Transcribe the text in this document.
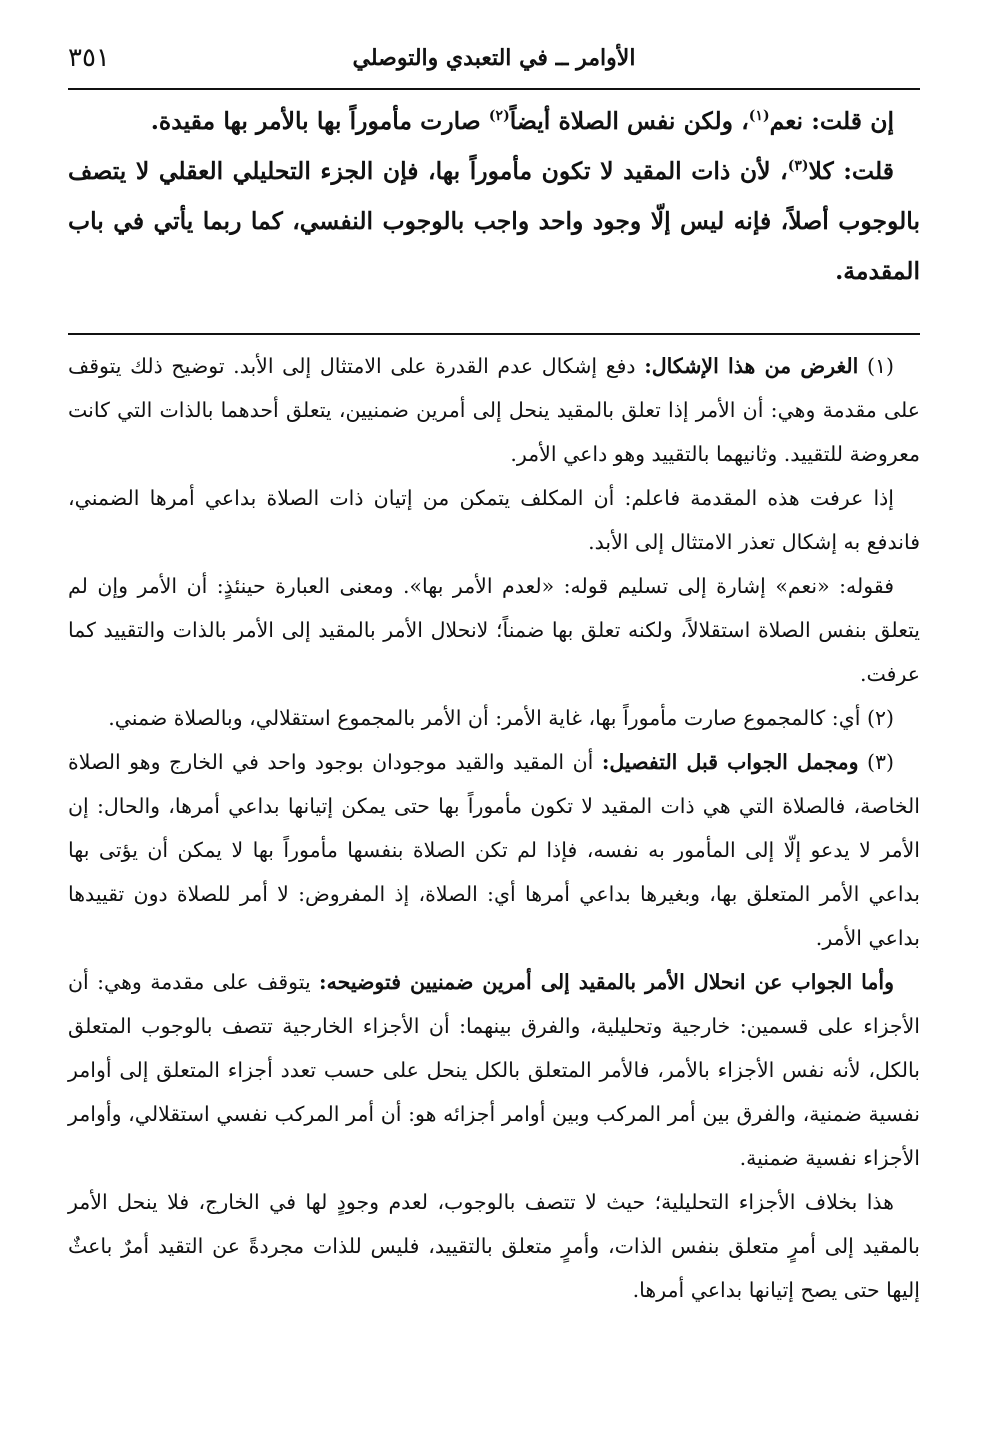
الأوامر ــ في التعبدي والتوصلي
٣٥١

إن قلت: نعم$^{(١)}$، ولكن نفس الصلاة أيضاً$^{(٢)}$ صارت مأموراً بها بالأمر بها مقيدة.

قلت: كلا$^{(٣)}$، لأن ذات المقيد لا تكون مأموراً بها، فإن الجزء التحليلي العقلي لا يتصف بالوجوب أصلاً، فإنه ليس إلّا وجود واحد واجب بالوجوب النفسي، كما ربما يأتي في باب المقدمة.

(١) الغرض من هذا الإشكال: دفع إشكال عدم القدرة على الامتثال إلى الأبد. توضيح ذلك يتوقف على مقدمة وهي: أن الأمر إذا تعلق بالمقيد ينحل إلى أمرين ضمنيين، يتعلق أحدهما بالذات التي كانت معروضة للتقييد. وثانيهما بالتقييد وهو داعي الأمر.

إذا عرفت هذه المقدمة فاعلم: أن المكلف يتمكن من إتيان ذات الصلاة بداعي أمرها الضمني، فاندفع به إشكال تعذر الامتثال إلى الأبد.

فقوله: «نعم» إشارة إلى تسليم قوله: «لعدم الأمر بها». ومعنى العبارة حينئذٍ: أن الأمر وإن لم يتعلق بنفس الصلاة استقلالاً، ولكنه تعلق بها ضمناً؛ لانحلال الأمر بالمقيد إلى الأمر بالذات والتقييد كما عرفت.

(٢) أي: كالمجموع صارت مأموراً بها، غاية الأمر: أن الأمر بالمجموع استقلالي، وبالصلاة ضمني.

(٣) ومجمل الجواب قبل التفصيل: أن المقيد والقيد موجودان بوجود واحد في الخارج وهو الصلاة الخاصة، فالصلاة التي هي ذات المقيد لا تكون مأموراً بها حتى يمكن إتيانها بداعي أمرها، والحال: إن الأمر لا يدعو إلّا إلى المأمور به نفسه، فإذا لم تكن الصلاة بنفسها مأموراً بها لا يمكن أن يؤتى بها بداعي الأمر المتعلق بها، وبغيرها بداعي أمرها أي: الصلاة، إذ المفروض: لا أمر للصلاة دون تقييدها بداعي الأمر.

وأما الجواب عن انحلال الأمر بالمقيد إلى أمرين ضمنيين فتوضيحه: يتوقف على مقدمة وهي: أن الأجزاء على قسمين: خارجية وتحليلية، والفرق بينهما: أن الأجزاء الخارجية تتصف بالوجوب المتعلق بالكل، لأنه نفس الأجزاء بالأمر، فالأمر المتعلق بالكل ينحل على حسب تعدد أجزاء المتعلق إلى أوامر نفسية ضمنية، والفرق بين أمر المركب وبين أوامر أجزائه هو: أن أمر المركب نفسي استقلالي، وأوامر الأجزاء نفسية ضمنية.

هذا بخلاف الأجزاء التحليلية؛ حيث لا تتصف بالوجوب، لعدم وجودٍ لها في الخارج، فلا ينحل الأمر بالمقيد إلى أمرٍ متعلق بنفس الذات، وأمرٍ متعلق بالتقييد، فليس للذات مجردةً عن التقيد أمرٌ باعثٌ إليها حتى يصح إتيانها بداعي أمرها.
